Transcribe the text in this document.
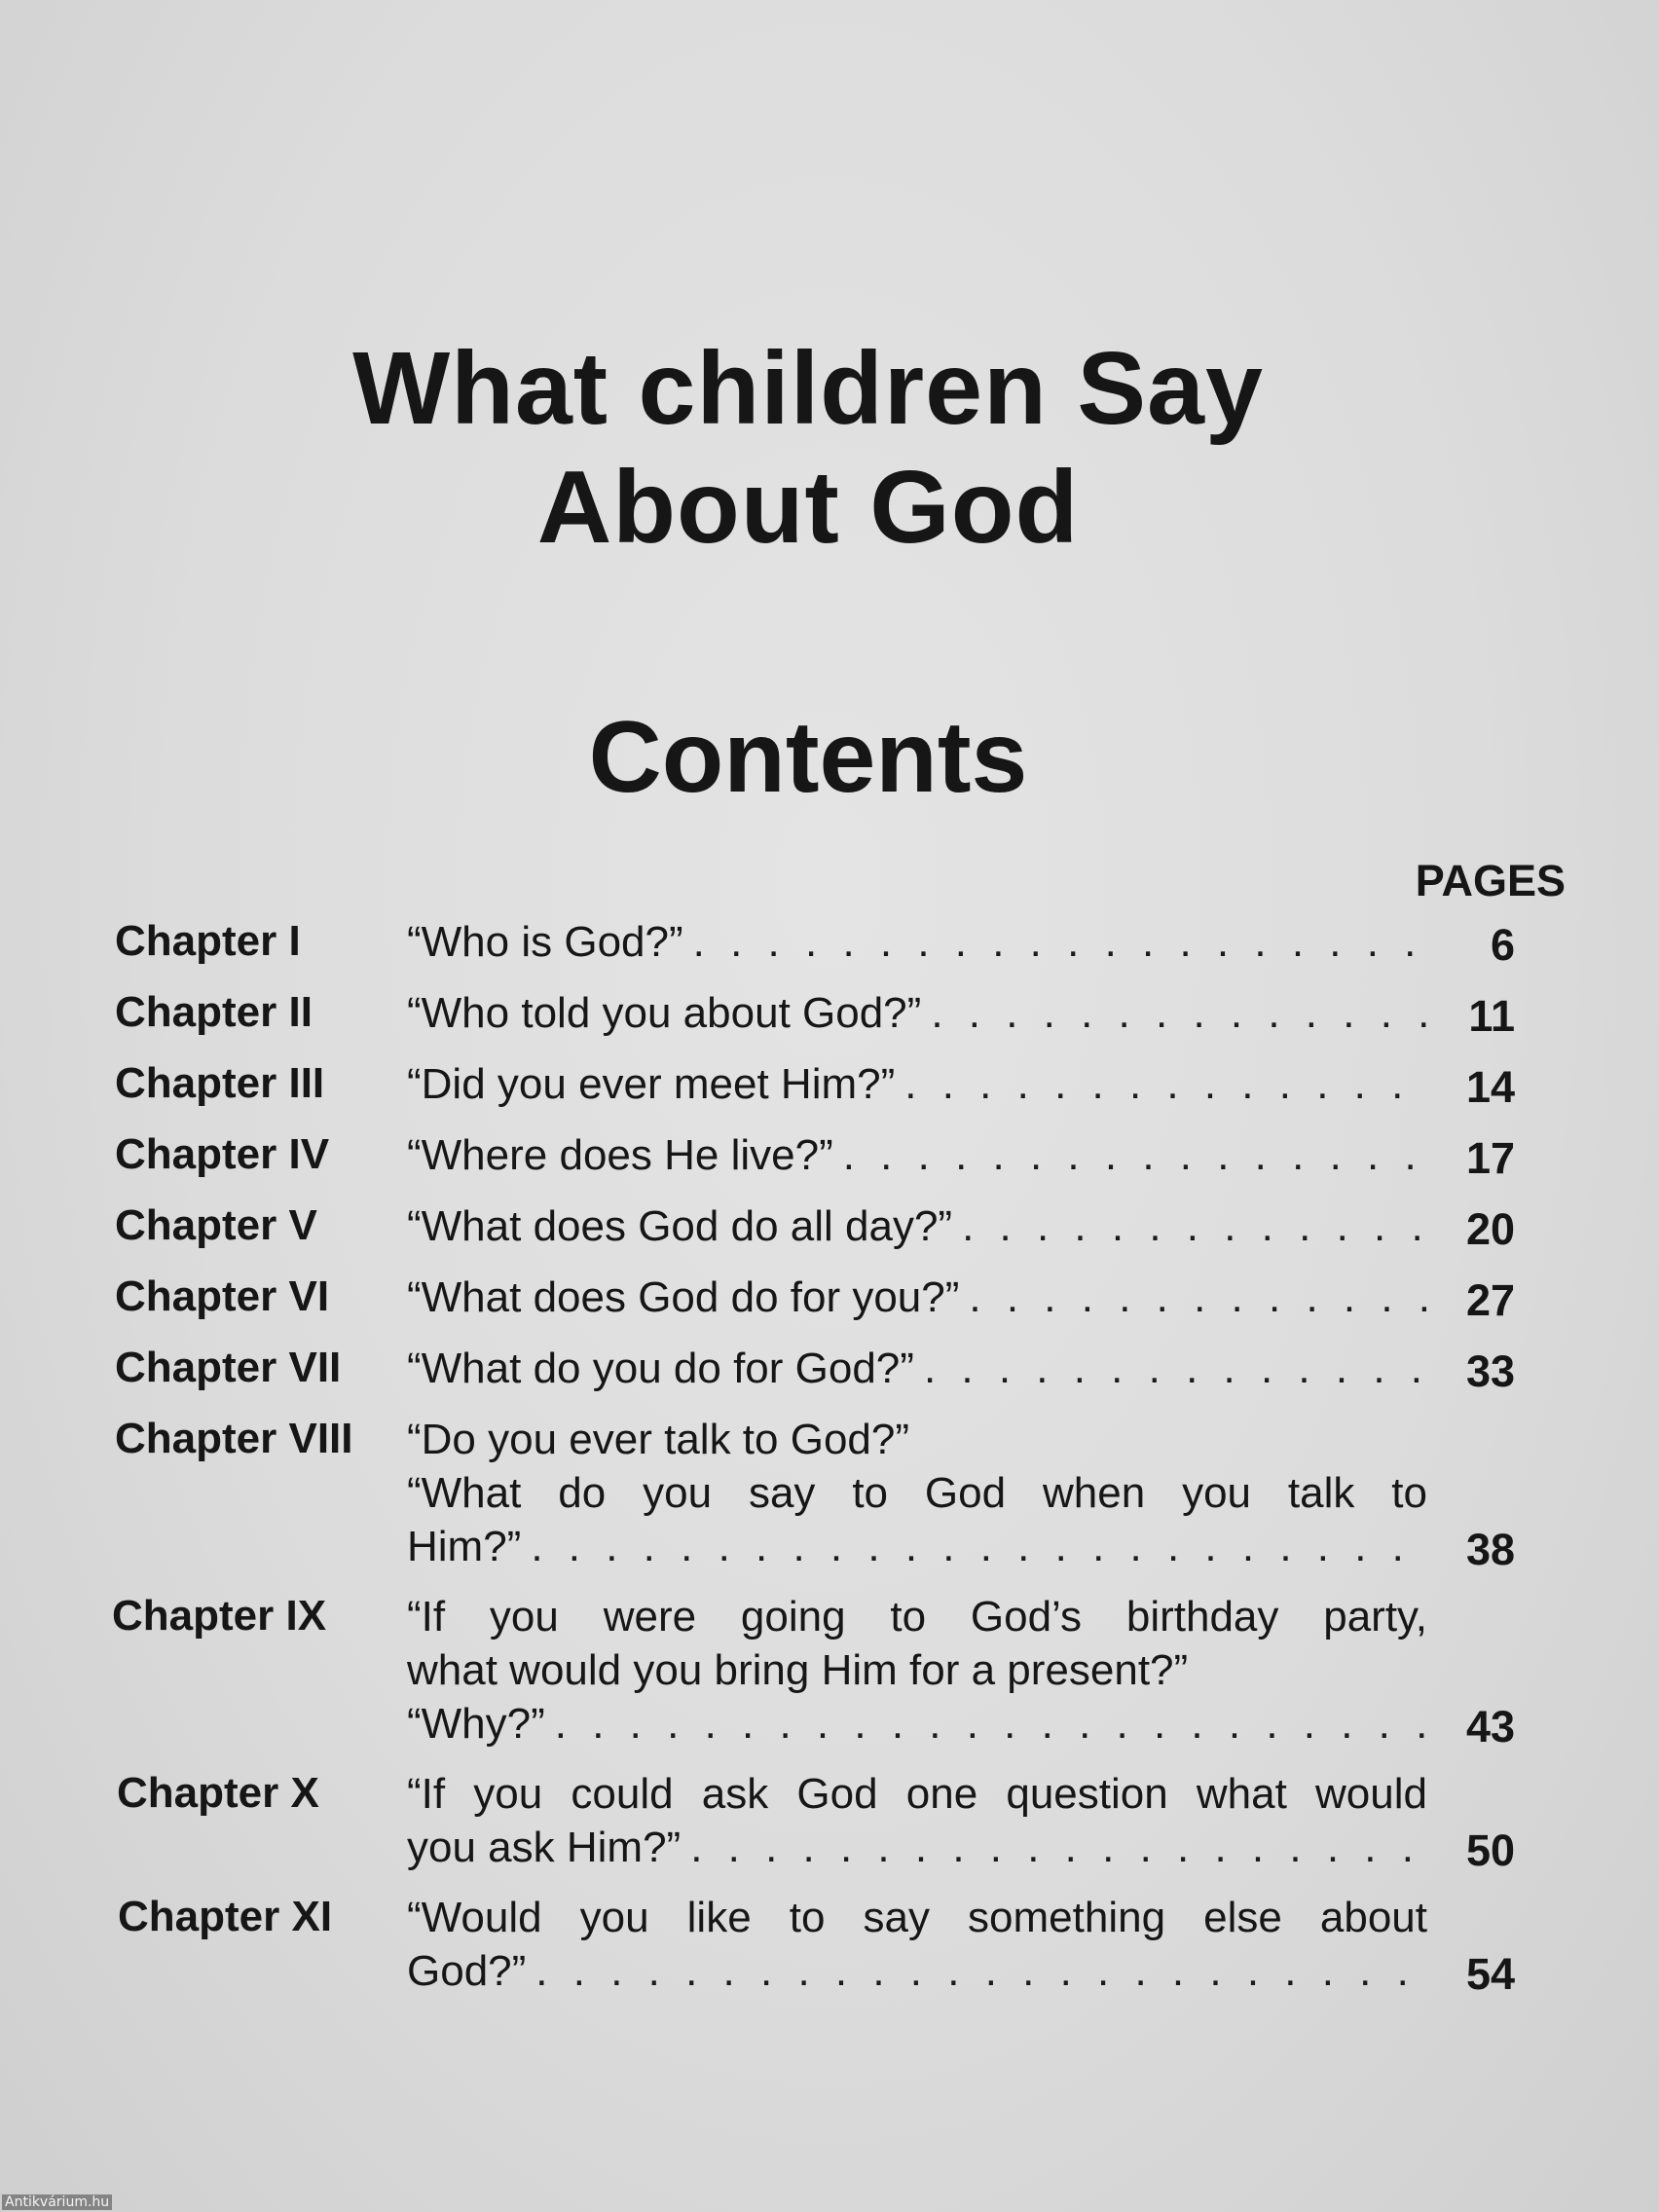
What children Say
About God
Contents
PAGES
Chapter I “Who is God?” . . .	6
Chapter II “Who told you about God?” . . .	11
Chapter III “Did you ever meet Him?” . . .	14
Chapter IV “Where does He live?” . . .	17
Chapter V “What does God do all day?” . . .	20
Chapter VI “What does God do for you?” . . .	27
Chapter VII “What do you do for God?” . . .	33
Chapter VIII “Do you ever talk to God?”
“What do you say to God when you talk to
Him?” . . .	38
Chapter IX “If you were going to God’s birthday party,
what would you bring Him for a present?”
“Why?” . . .	43
Chapter X “If you could ask God one question what would
you ask Him?” . . .	50
Chapter XI “Would you like to say something else about
God?” . . .	54
Antikvárium.hu
